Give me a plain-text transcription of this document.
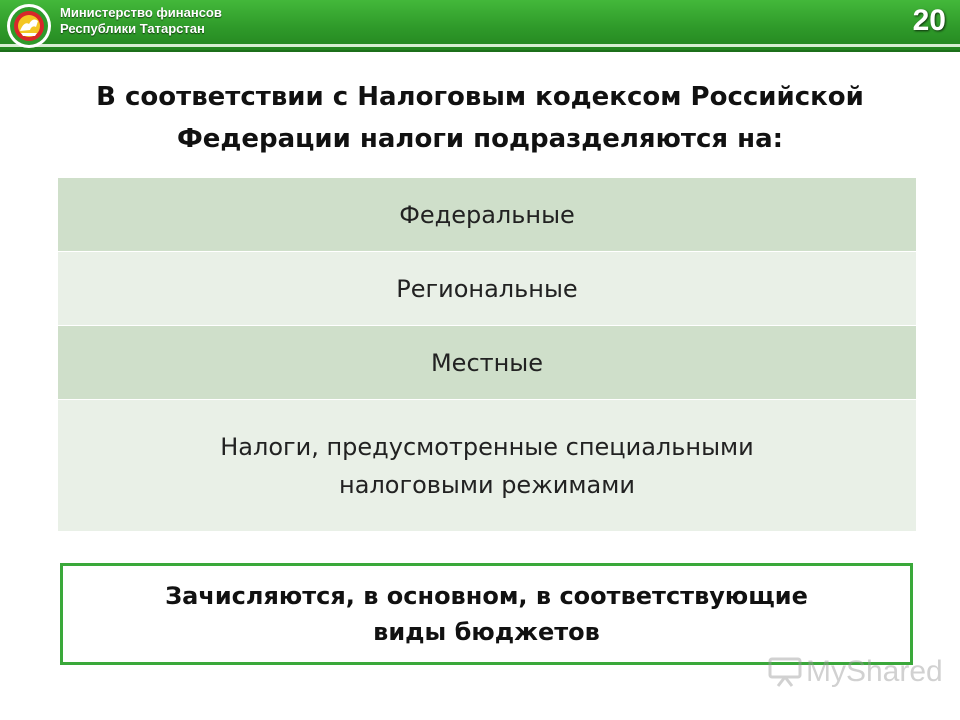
Министерство финансов
Республики Татарстан	20
В соответствии с Налоговым кодексом Российской
Федерации налоги подразделяются на:
Федеральные
Региональные
Местные
Налоги, предусмотренные специальными
налоговыми режимами
Зачисляются, в основном, в соответствующие
виды бюджетов
MyShared
